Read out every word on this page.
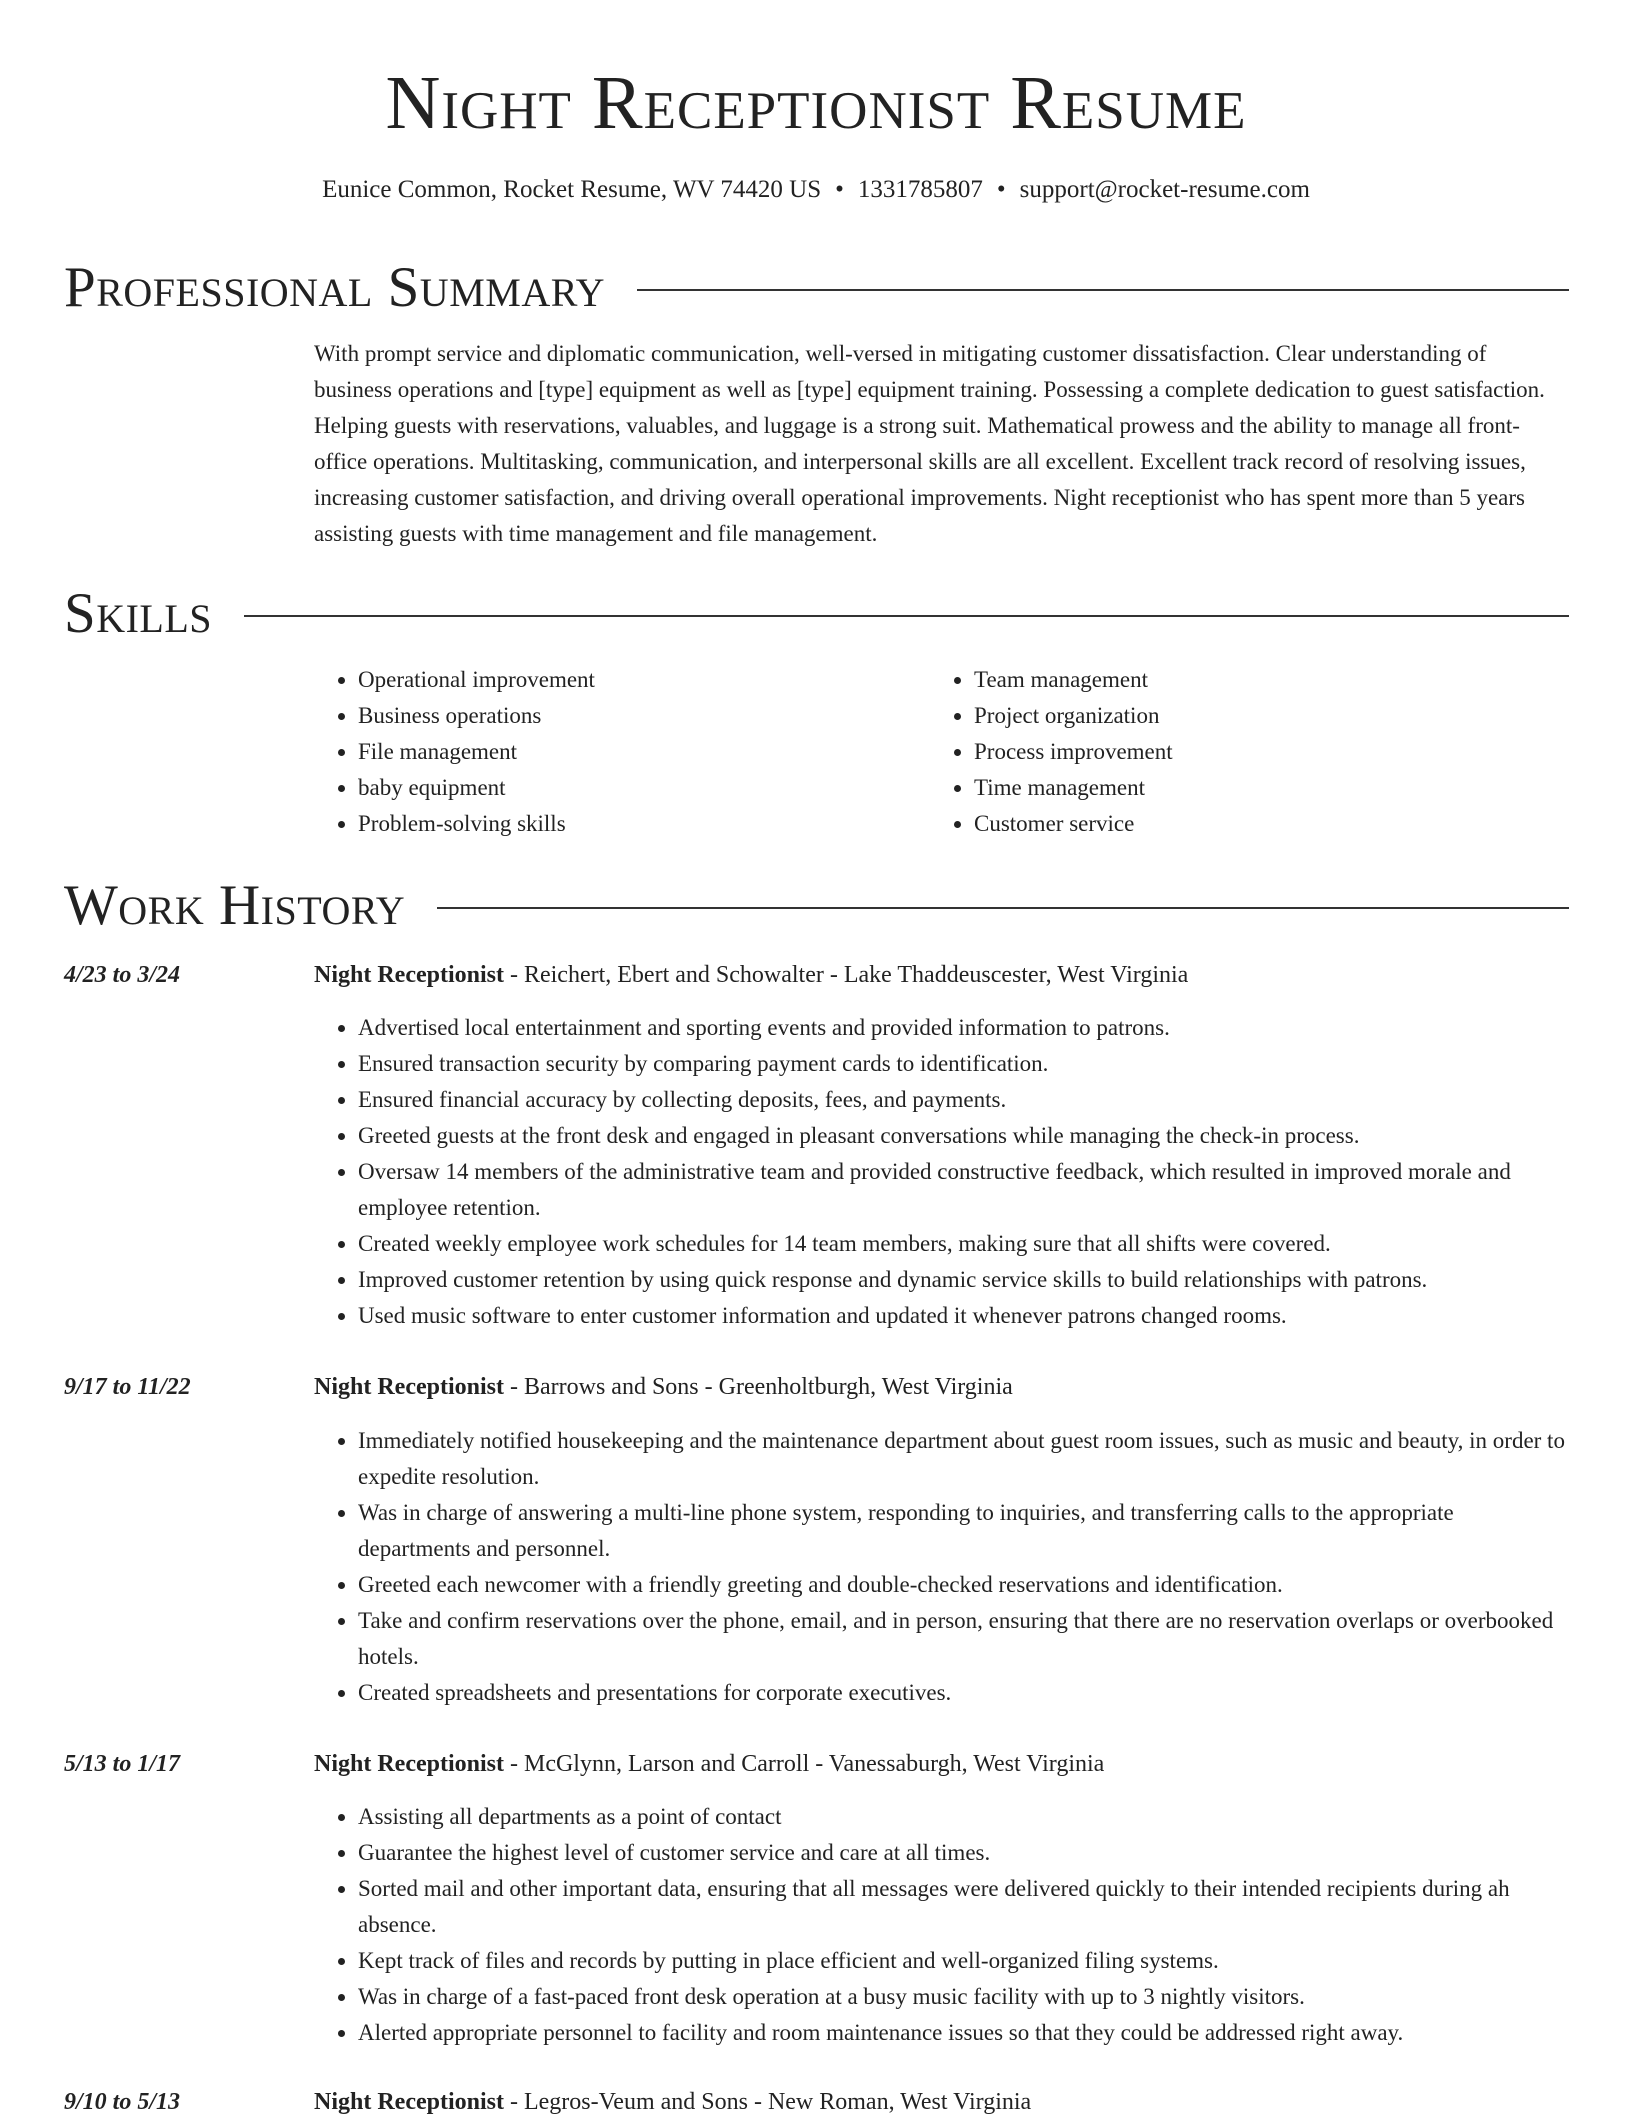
Night Receptionist Resume
Eunice Common, Rocket Resume, WV 74420 US • 1331785807 • support@rocket-resume.com
Professional Summary

With prompt service and diplomatic communication, well-versed in mitigating customer dissatisfaction. Clear understanding of business operations and [type] equipment as well as [type] equipment training. Possessing a complete dedication to guest satisfaction. Helping guests with reservations, valuables, and luggage is a strong suit. Mathematical prowess and the ability to manage all front-office operations. Multitasking, communication, and interpersonal skills are all excellent. Excellent track record of resolving issues, increasing customer satisfaction, and driving overall operational improvements. Night receptionist who has spent more than 5 years assisting guests with time management and file management.

Skills
• Operational improvement
• Business operations
• File management
• baby equipment
• Problem-solving skills
• Team management
• Project organization
• Process improvement
• Time management
• Customer service
Work History
4/23 to 3/24	Night Receptionist - Reichert, Ebert and Schowalter - Lake Thaddeuscester, West Virginia
• Advertised local entertainment and sporting events and provided information to patrons.
• Ensured transaction security by comparing payment cards to identification.
• Ensured financial accuracy by collecting deposits, fees, and payments.
• Greeted guests at the front desk and engaged in pleasant conversations while managing the check-in process.
• Oversaw 14 members of the administrative team and provided constructive feedback, which resulted in improved morale and employee retention.
• Created weekly employee work schedules for 14 team members, making sure that all shifts were covered.
• Improved customer retention by using quick response and dynamic service skills to build relationships with patrons.
• Used music software to enter customer information and updated it whenever patrons changed rooms.
9/17 to 11/22	Night Receptionist - Barrows and Sons - Greenholtburgh, West Virginia
• Immediately notified housekeeping and the maintenance department about guest room issues, such as music and beauty, in order to expedite resolution.
• Was in charge of answering a multi-line phone system, responding to inquiries, and transferring calls to the appropriate departments and personnel.
• Greeted each newcomer with a friendly greeting and double-checked reservations and identification.
• Take and confirm reservations over the phone, email, and in person, ensuring that there are no reservation overlaps or overbooked hotels.
• Created spreadsheets and presentations for corporate executives.
5/13 to 1/17	Night Receptionist - McGlynn, Larson and Carroll - Vanessaburgh, West Virginia
• Assisting all departments as a point of contact
• Guarantee the highest level of customer service and care at all times.
• Sorted mail and other important data, ensuring that all messages were delivered quickly to their intended recipients during ah absence.
• Kept track of files and records by putting in place efficient and well-organized filing systems.
• Was in charge of a fast-paced front desk operation at a busy music facility with up to 3 nightly visitors.
• Alerted appropriate personnel to facility and room maintenance issues so that they could be addressed right away.
9/10 to 5/13	Night Receptionist - Legros-Veum and Sons - New Roman, West Virginia
